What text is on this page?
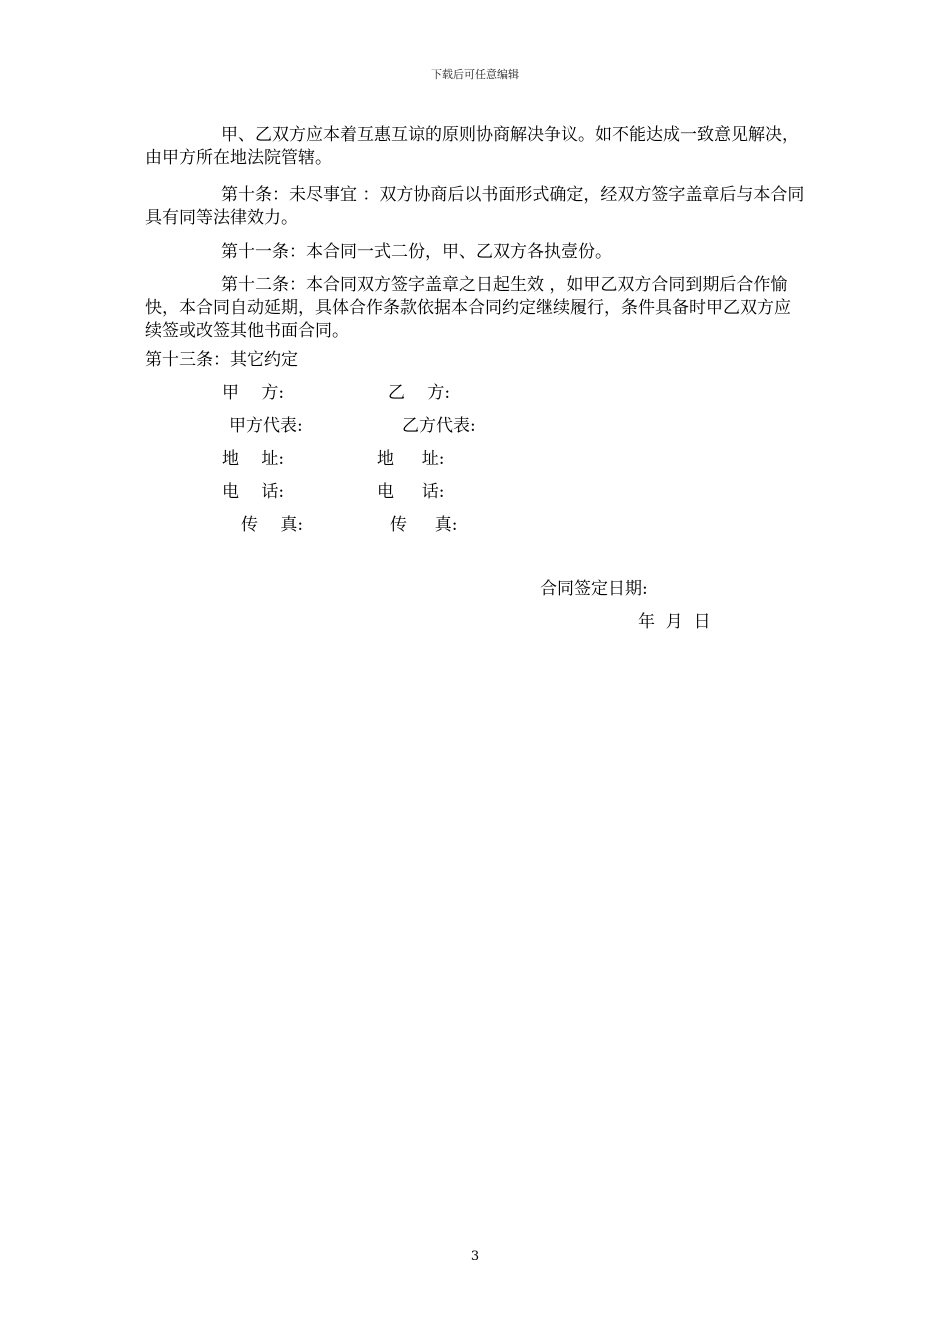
下载后可任意编辑

甲、乙双方应本着互惠互谅的原则协商解决争议。如不能达成一致意见解决，由甲方所在地法院管辖。

第十条：未尽事宜 ：双方协商后以书面形式确定，经双方签字盖章后与本合同具有同等法律效力。

第十一条：本合同一式二份，甲、乙双方各执壹份。

第十二条：本合同双方签字盖章之日起生效 ，如甲乙双方合同到期后合作愉快，本合同自动延期，具体合作条款依据本合同约定继续履行，条件具备时甲乙双方应续签或改签其他书面合同。

第十三条：其它约定

甲　 方:	乙　 方:
甲方代表:	乙方代表:
地　 址:	地　  址:
电　 话:	电　  话:
传　 真:	传　  真:
合同签定日期:
年  月  日
3
